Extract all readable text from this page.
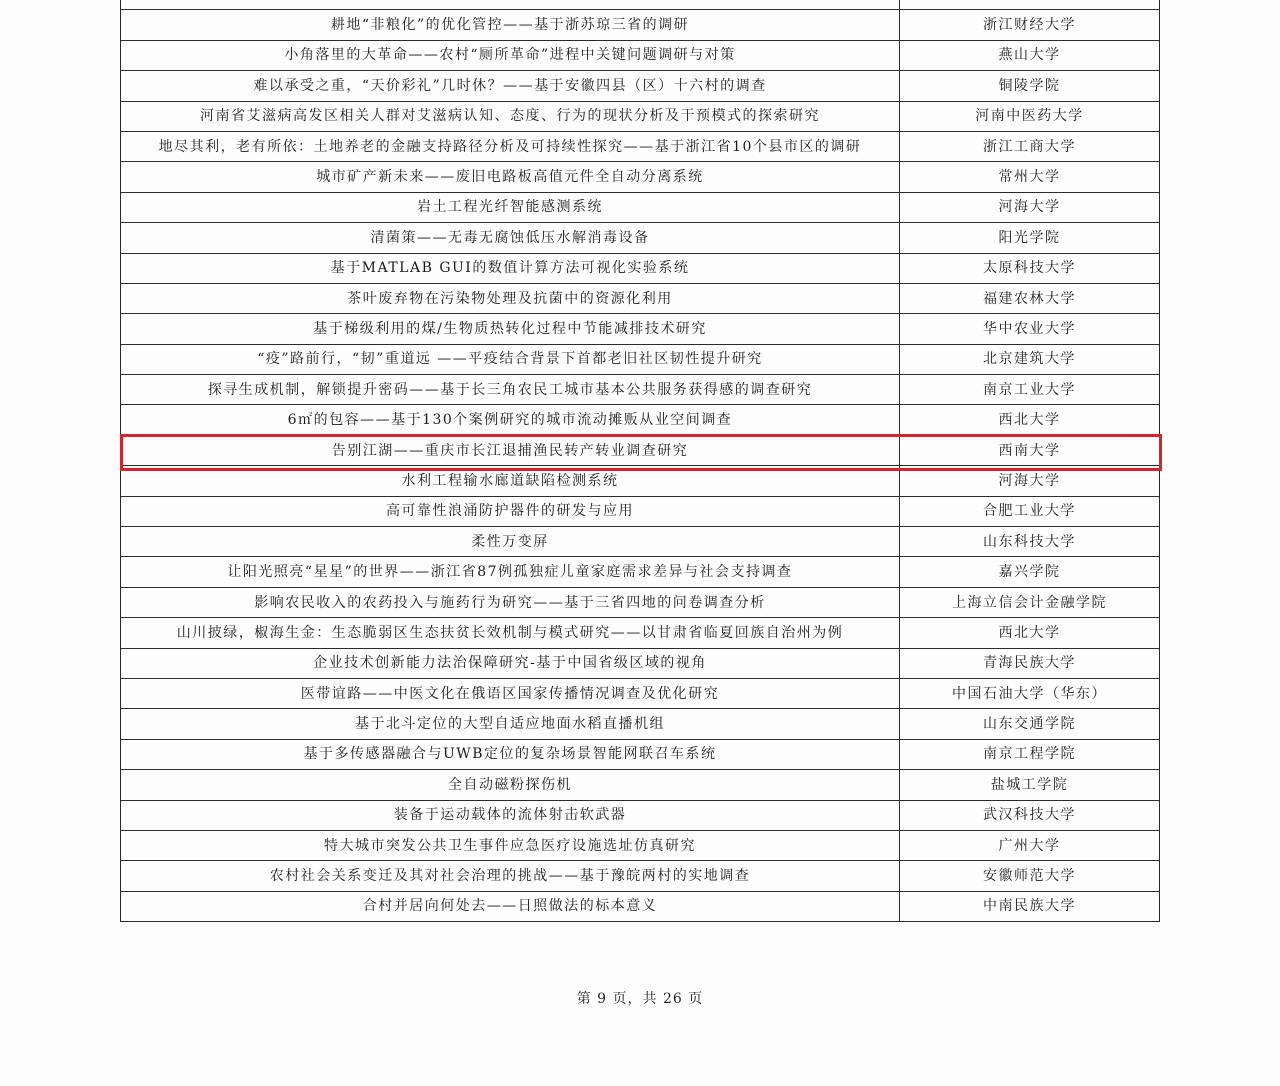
耕地“非粮化”的优化管控——基于浙苏琼三省的调研	浙江财经大学
小角落里的大革命——农村“厕所革命”进程中关键问题调研与对策	燕山大学
难以承受之重，“天价彩礼”几时休？——基于安徽四县（区）十六村的调查	铜陵学院
河南省艾滋病高发区相关人群对艾滋病认知、态度、行为的现状分析及干预模式的探索研究	河南中医药大学
地尽其利，老有所依：土地养老的金融支持路径分析及可持续性探究——基于浙江省10个县市区的调研	浙江工商大学
城市矿产新未来——废旧电路板高值元件全自动分离系统	常州大学
岩土工程光纤智能感测系统	河海大学
清菌策——无毒无腐蚀低压水解消毒设备	阳光学院
基于MATLAB GUI的数值计算方法可视化实验系统	太原科技大学
茶叶废弃物在污染物处理及抗菌中的资源化利用	福建农林大学
基于梯级利用的煤/生物质热转化过程中节能减排技术研究	华中农业大学
“疫”路前行，“韧”重道远 ——平疫结合背景下首都老旧社区韧性提升研究	北京建筑大学
探寻生成机制，解锁提升密码——基于长三角农民工城市基本公共服务获得感的调查研究	南京工业大学
6㎡的包容——基于130个案例研究的城市流动摊贩从业空间调查	西北大学
告别江湖——重庆市长江退捕渔民转产转业调查研究	西南大学
水利工程输水廊道缺陷检测系统	河海大学
高可靠性浪涌防护器件的研发与应用	合肥工业大学
柔性万变屏	山东科技大学
让阳光照亮“星星”的世界——浙江省87例孤独症儿童家庭需求差异与社会支持调查	嘉兴学院
影响农民收入的农药投入与施药行为研究——基于三省四地的问卷调查分析	上海立信会计金融学院
山川披绿，椒海生金：生态脆弱区生态扶贫长效机制与模式研究——以甘肃省临夏回族自治州为例	西北大学
企业技术创新能力法治保障研究-基于中国省级区域的视角	青海民族大学
医带谊路——中医文化在俄语区国家传播情况调查及优化研究	中国石油大学（华东）
基于北斗定位的大型自适应地面水稻直播机组	山东交通学院
基于多传感器融合与UWB定位的复杂场景智能网联召车系统	南京工程学院
全自动磁粉探伤机	盐城工学院
装备于运动载体的流体射击软武器	武汉科技大学
特大城市突发公共卫生事件应急医疗设施选址仿真研究	广州大学
农村社会关系变迁及其对社会治理的挑战——基于豫皖两村的实地调查	安徽师范大学
合村并居向何处去——日照做法的标本意义	中南民族大学
第 9 页，共 26 页
